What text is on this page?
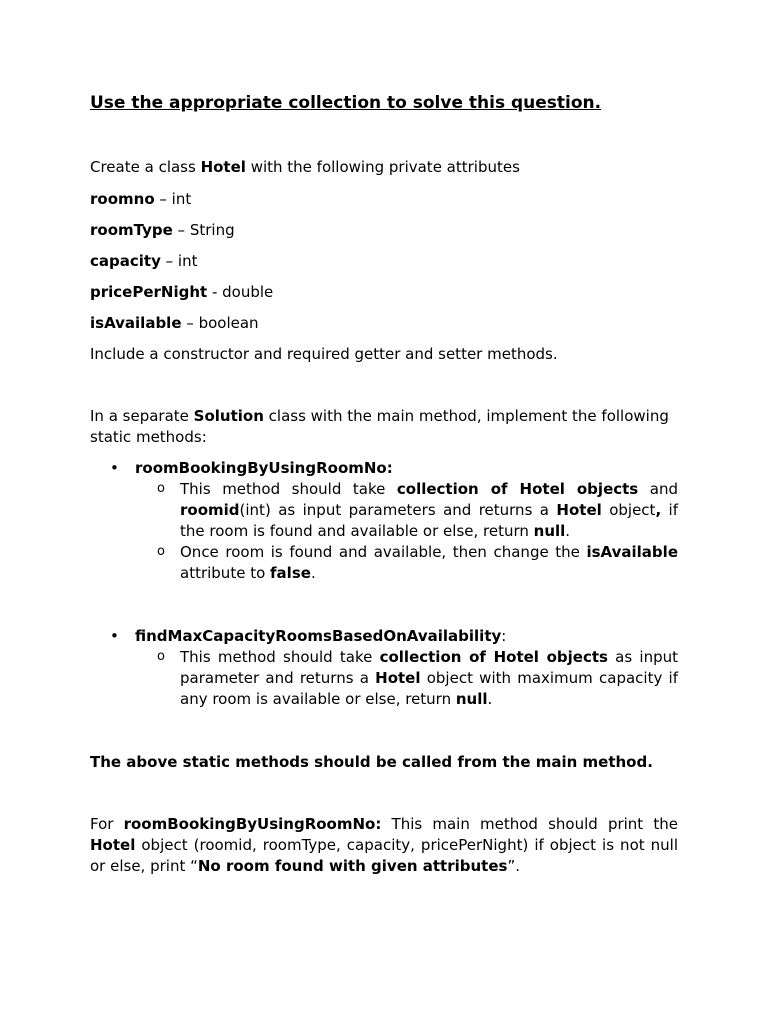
Use the appropriate collection to solve this question.

Create a class Hotel with the following private attributes

roomno – int

roomType – String

capacity – int

pricePerNight - double

isAvailable – boolean

Include a constructor and required getter and setter methods.

In a separate Solution class with the main method, implement the following static methods:

• roomBookingByUsingRoomNo:
o This method should take collection of Hotel objects and roomid(int) as input parameters and returns a Hotel object, if the room is found and available or else, return null.
o Once room is found and available, then change the isAvailable attribute to false.
• findMaxCapacityRoomsBasedOnAvailability:
o This method should take collection of Hotel objects as input parameter and returns a Hotel object with maximum capacity if any room is available or else, return null.

The above static methods should be called from the main method.

For roomBookingByUsingRoomNo: This main method should print the Hotel object (roomid, roomType, capacity, pricePerNight) if object is not null or else, print “No room found with given attributes”.
